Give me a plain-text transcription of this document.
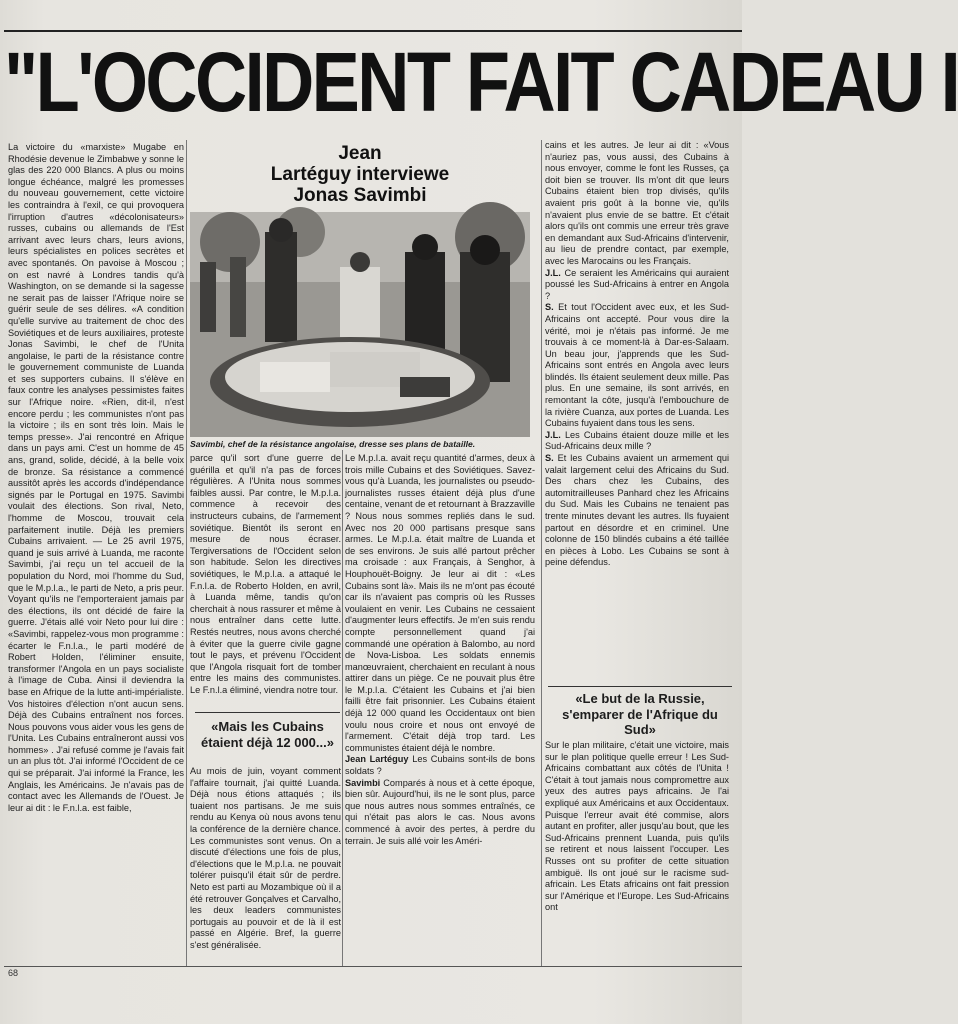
"L'OCCIDENT FAIT CADEAU I

La victoire du «marxiste» Mugabe en Rhodésie devenue le Zimbabwe y sonne le glas des 220 000 Blancs. A plus ou moins longue échéance, malgré les promesses du nouveau gouvernement, cette victoire les contraindra à l'exil, ce qui provoquera l'irruption d'autres «décolonisateurs» russes, cubains ou allemands de l'Est arrivant avec leurs chars, leurs avions, leurs spécialistes en polices secrètes et avec spontanés. On pavoise à Moscou ; on est navré à Londres tandis qu'à Washington, on se demande si la sagesse ne serait pas de laisser l'Afrique noire se guérir seule de ses délires. «A condition qu'elle survive au traitement de choc des Soviétiques et de leurs auxiliaires, proteste Jonas Savimbi, le chef de l'Unita angolaise, le parti de la résistance contre le gouvernement communiste de Luanda et ses supporters cubains. Il s'élève en faux contre les analyses pessimistes faites sur l'Afrique noire. «Rien, dit-il, n'est encore perdu ; les communistes n'ont pas la victoire ; ils en sont très loin. Mais le temps presse». J'ai rencontré en Afrique dans un pays ami. C'est un homme de 45 ans, grand, solide, décidé, à la belle voix de bronze. Sa résistance a commencé aussitôt après les accords d'indépendance signés par le Portugal en 1975. Savimbi voulait des élections. Son rival, Neto, l'homme de Moscou, trouvait cela parfaitement inutile. Déjà les premiers Cubains arrivaient. — Le 25 avril 1975, quand je suis arrivé à Luanda, me raconte Savimbi, j'ai reçu un tel accueil de la population du Nord, moi l'homme du Sud, que le M.p.l.a., le parti de Neto, a pris peur. Voyant qu'ils ne l'emporteraient jamais par des élections, ils ont décidé de faire la guerre. J'étais allé voir Neto pour lui dire : «Savimbi, rappelez-vous mon programme : écarter le F.n.l.a., le parti modéré de Robert Holden, l'éliminer ensuite, transformer l'Angola en un pays socialiste à l'image de Cuba. Ainsi il deviendra la base en Afrique de la lutte anti-impérialiste. Vos histoires d'élection n'ont aucun sens. Déjà des Cubains entraînent nos forces. Nous pouvons vous aider vous les gens de l'Unita. Les Cubains entraîneront aussi vos hommes» . J'ai refusé comme je l'avais fait un an plus tôt. J'ai informé l'Occident de ce qui se préparait. J'ai informé la France, les Anglais, les Américains. Je n'avais pas de contact avec les Allemands de l'Ouest. Je leur ai dit : le F.n.l.a. est faible,

Jean
Lartéguy interviewe
Jonas Savimbi
Savimbi, chef de la résistance angolaise, dresse ses plans de bataille.

parce qu'il sort d'une guerre de guérilla et qu'il n'a pas de forces régulières. A l'Unita nous sommes faibles aussi. Par contre, le M.p.l.a. commence à recevoir des instructeurs cubains, de l'armement soviétique. Bientôt ils seront en mesure de nous écraser. Tergiversations de l'Occident selon son habitude. Selon les directives soviétiques, le M.p.l.a. a attaqué le F.n.l.a. de Roberto Holden, en avril, à Luanda même, tandis qu'on cherchait à nous rassurer et même à nous entraîner dans cette lutte. Restés neutres, nous avons cherché à éviter que la guerre civile gagne tout le pays, et prévenu l'Occident que l'Angola risquait fort de tomber entre les mains des communistes. Le F.n.l.a éliminé, viendra notre tour.

«Mais les Cubains étaient déjà 12 000...»

Au mois de juin, voyant comment l'affaire tournait, j'ai quitté Luanda. Déjà nous étions attaqués ; ils tuaient nos partisans. Je me suis rendu au Kenya où nous avons tenu la conférence de la dernière chance. Les communistes sont venus. On a discuté d'élections une fois de plus, d'élections que le M.p.l.a. ne pouvait tolérer puisqu'il était sûr de perdre. Neto est parti au Mozambique où il a été retrouver Gonçalves et Carvalho, les deux leaders communistes portugais au pouvoir et de là il est passé en Algérie. Bref, la guerre s'est généralisée.

Le M.p.l.a. avait reçu quantité d'armes, deux à trois mille Cubains et des Soviétiques. Savez-vous qu'à Luanda, les journalistes ou pseudo-journalistes russes étaient déjà plus d'une centaine, venant de et retournant à Brazzaville ? Nous nous sommes repliés dans le sud. Avec nos 20 000 partisans presque sans armes. Le M.p.l.a. était maître de Luanda et de ses environs. Je suis allé partout prêcher ma croisade : aux Français, à Senghor, à Houphouët-Boigny. Je leur ai dit : «Les Cubains sont là». Mais ils ne m'ont pas écouté car ils n'avaient pas compris où les Russes voulaient en venir. Les Cubains ne cessaient d'augmenter leurs effectifs. Je m'en suis rendu compte personnellement quand j'ai commandé une opération à Balombo, au nord de Nova-Lisboa. Les soldats ennemis manœuvraient, cherchaient en reculant à nous attirer dans un piège. Ce ne pouvait plus être le M.p.l.a. C'étaient les Cubains et j'ai bien failli être fait prisonnier. Les Cubains étaient déjà 12 000 quand les Occidentaux ont bien voulu nous croire et nous ont envoyé de l'armement. C'était déjà trop tard. Les communistes étaient déjà le nombre.

Jean Lartéguy Les Cubains sont-ils de bons soldats ?

Savimbi Comparés à nous et à cette époque, bien sûr. Aujourd'hui, ils ne le sont plus, parce que nous autres nous sommes entraînés, ce qui n'était pas alors le cas. Nous avons commencé à avoir des pertes, à perdre du terrain. Je suis allé voir les Améri-

cains et les autres. Je leur ai dit : «Vous n'auriez pas, vous aussi, des Cubains à nous envoyer, comme le font les Russes, ça doit bien se trouver. Ils m'ont dit que leurs Cubains étaient bien trop divisés, qu'ils avaient pris goût à la bonne vie, qu'ils n'avaient plus envie de se battre. Et c'était alors qu'ils ont commis une erreur très grave en demandant aux Sud-Africains d'intervenir, au lieu de prendre contact, par exemple, avec les Marocains ou les Français.

J.L. Ce seraient les Américains qui auraient poussé les Sud-Africains à entrer en Angola ?

S. Et tout l'Occident avec eux, et les Sud-Africains ont accepté. Pour vous dire la vérité, moi je n'étais pas informé. Je me trouvais à ce moment-là à Dar-es-Salaam. Un beau jour, j'apprends que les Sud-Africains sont entrés en Angola avec leurs blindés. Ils étaient seulement deux mille. Pas plus. En une semaine, ils sont arrivés, en remontant la côte, jusqu'à l'embouchure de la rivière Cuanza, aux portes de Luanda. Les Cubains fuyaient dans tous les sens.

J.L. Les Cubains étaient douze mille et les Sud-Africains deux mille ?

S. Et les Cubains avaient un armement qui valait largement celui des Africains du Sud. Des chars chez les Cubains, des automitrailleuses Panhard chez les Africains du Sud. Mais les Cubains ne tenaient pas trente minutes devant les autres. Ils fuyaient partout en désordre et en criminel. Une colonne de 150 blindés cubains a été taillée en pièces à Lobo. Les Cubains se sont à peine défendus.

«Le but de la Russie, s'emparer de l'Afrique du Sud»

Sur le plan militaire, c'était une victoire, mais sur le plan politique quelle erreur ! Les Sud-Africains combattant aux côtés de l'Unita ! C'était à tout jamais nous compromettre aux yeux des autres pays africains. Je l'ai expliqué aux Américains et aux Occidentaux. Puisque l'erreur avait été commise, alors autant en profiter, aller jusqu'au bout, que les Sud-Africains prennent Luanda, puis qu'ils se retirent et nous laissent l'occuper. Les Russes ont su profiter de cette situation ambiguë. Ils ont joué sur le racisme sud-africain. Les Etats africains ont fait pression sur l'Amérique et l'Europe. Les Sud-Africains ont

68
